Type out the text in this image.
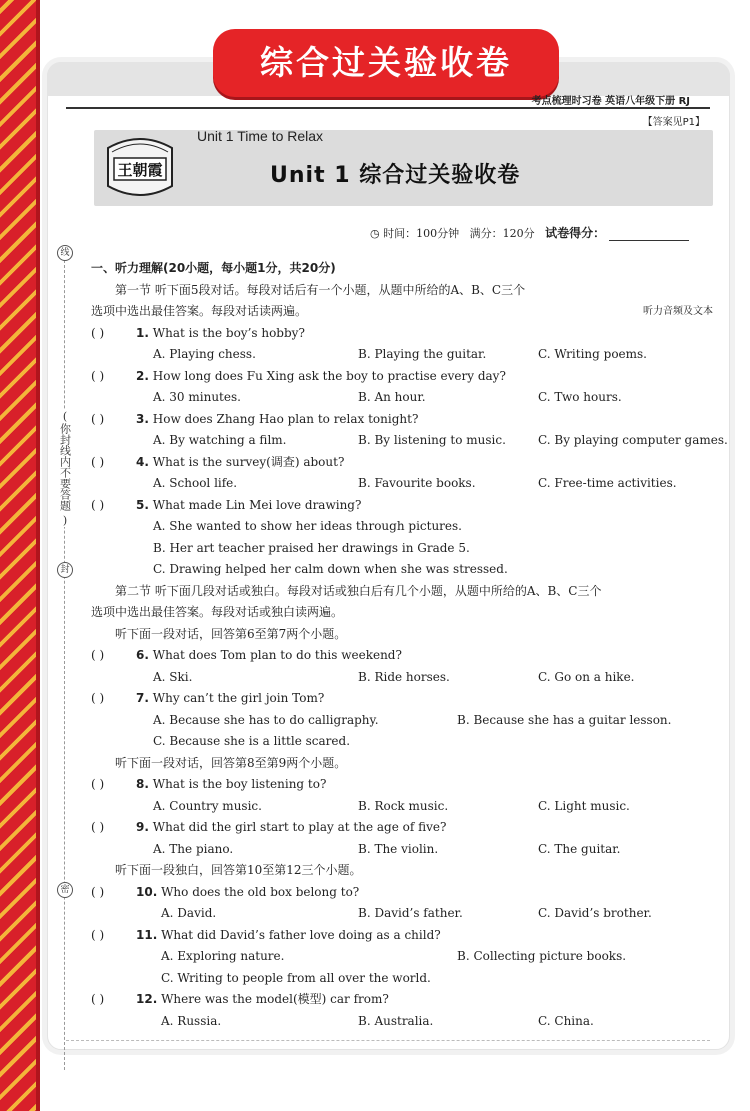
综合过关验收卷
考点梳理时习卷 英语八年级下册 RJ
【答案见P1】
王朝霞
Unit 1 Time to Relax
Unit 1 综合过关验收卷
◷ 时间：100分钟 满分：120分 试卷得分：
线
(
你封线内不要答题
)
封
密
一、听力理解(20小题，每小题1分，共20分)
第一节 听下面5段对话。每段对话后有一个小题，从题中所给的A、B、C三个
选项中选出最佳答案。每段对话读两遍。	听力音频及文本
( )	1. What is the boy’s hobby?
A. Playing chess.	B. Playing the guitar.	C. Writing poems.
( )	2. How long does Fu Xing ask the boy to practise every day?
A. 30 minutes.	B. An hour.	C. Two hours.
( )	3. How does Zhang Hao plan to relax tonight?
A. By watching a film.	B. By listening to music.	C. By playing computer games.
( )	4. What is the survey(调查) about?
A. School life.	B. Favourite books.	C. Free-time activities.
( )	5. What made Lin Mei love drawing?
A. She wanted to show her ideas through pictures.
B. Her art teacher praised her drawings in Grade 5.
C. Drawing helped her calm down when she was stressed.
第二节 听下面几段对话或独白。每段对话或独白后有几个小题，从题中所给的A、B、C三个
选项中选出最佳答案。每段对话或独白读两遍。
听下面一段对话，回答第6至第7两个小题。
( )	6. What does Tom plan to do this weekend?
A. Ski.	B. Ride horses.	C. Go on a hike.
( )	7. Why can’t the girl join Tom?
A. Because she has to do calligraphy.	B. Because she has a guitar lesson.
C. Because she is a little scared.
听下面一段对话，回答第8至第9两个小题。
( )	8. What is the boy listening to?
A. Country music.	B. Rock music.	C. Light music.
( )	9. What did the girl start to play at the age of five?
A. The piano.	B. The violin.	C. The guitar.
听下面一段独白，回答第10至第12三个小题。
( )	10. Who does the old box belong to?
A. David.	B. David’s father.	C. David’s brother.
( )	11. What did David’s father love doing as a child?
A. Exploring nature.	B. Collecting picture books.
C. Writing to people from all over the world.
( )	12. Where was the model(模型) car from?
A. Russia.	B. Australia.	C. China.
